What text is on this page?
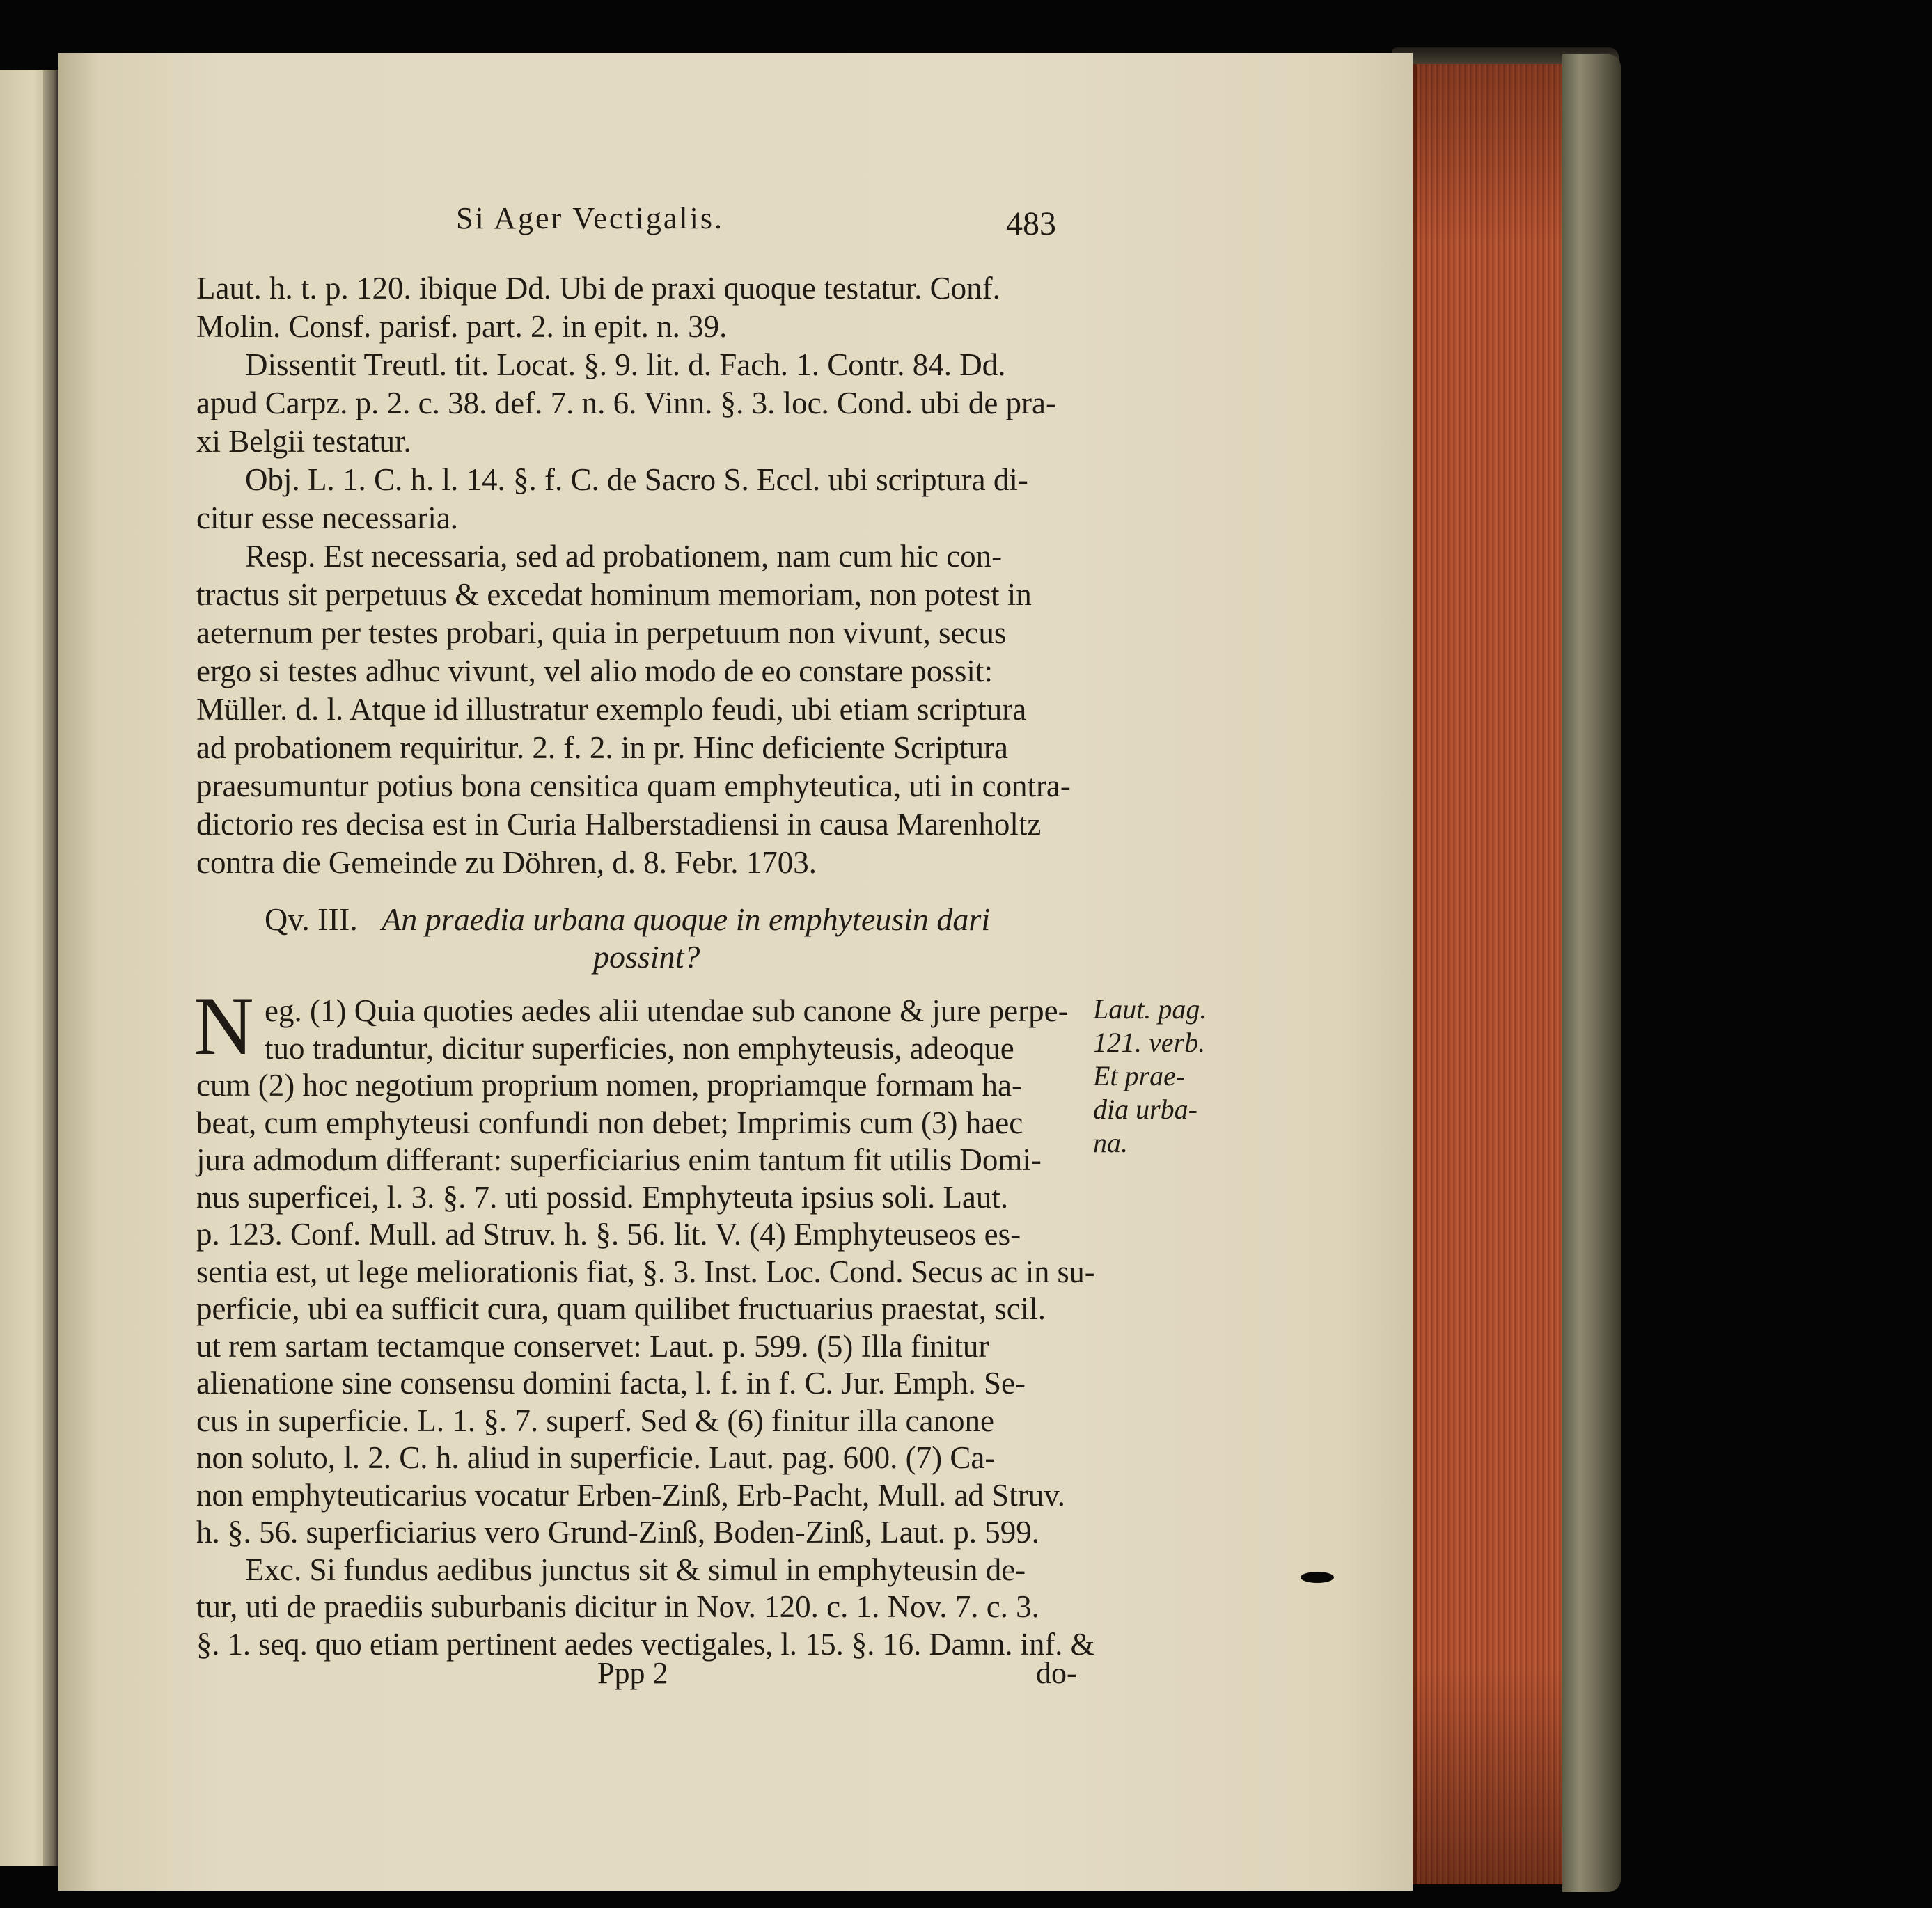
Si Ager Vectigalis.	483
Laut. h. t. p. 120. ibique Dd. Ubi de praxi quoque testatur. Conf.
Molin. Consf. parisf. part. 2. in epit. n. 39.
Dissentit Treutl. tit. Locat. §. 9. lit. d. Fach. 1. Contr. 84. Dd.
apud Carpz. p. 2. c. 38. def. 7. n. 6. Vinn. §. 3. loc. Cond. ubi de pra-
xi Belgii testatur.
Obj. L. 1. C. h. l. 14. §. f. C. de Sacro S. Eccl. ubi scriptura di-
citur esse necessaria.
Resp. Est necessaria, sed ad probationem, nam cum hic con-
tractus sit perpetuus & excedat hominum memoriam, non potest in
aeternum per testes probari, quia in perpetuum non vivunt, secus
ergo si testes adhuc vivunt, vel alio modo de eo constare possit:
Müller. d. l. Atque id illustratur exemplo feudi, ubi etiam scriptura
ad probationem requiritur. 2. f. 2. in pr. Hinc deficiente Scriptura
praesumuntur potius bona censitica quam emphyteutica, uti in contra-
dictorio res decisa est in Curia Halberstadiensi in causa Marenholtz
contra die Gemeinde zu Döhren, d. 8. Febr. 1703.
Qv. III. An praedia urbana quoque in emphyteusin dari
possint?
N eg. (1) Quia quoties aedes alii utendae sub canone & jure perpe-
tuo traduntur, dicitur superficies, non emphyteusis, adeoque
cum (2) hoc negotium proprium nomen, propriamque formam ha-
beat, cum emphyteusi confundi non debet; Imprimis cum (3) haec
jura admodum differant: superficiarius enim tantum fit utilis Domi-
nus superficei, l. 3. §. 7. uti possid. Emphyteuta ipsius soli. Laut.
p. 123. Conf. Mull. ad Struv. h. §. 56. lit. V. (4) Emphyteuseos es-
sentia est, ut lege meliorationis fiat, §. 3. Inst. Loc. Cond. Secus ac in su-
perficie, ubi ea sufficit cura, quam quilibet fructuarius praestat, scil.
ut rem sartam tectamque conservet: Laut. p. 599. (5) Illa finitur
alienatione sine consensu domini facta, l. f. in f. C. Jur. Emph. Se-
cus in superficie. L. 1. §. 7. superf. Sed & (6) finitur illa canone
non soluto, l. 2. C. h. aliud in superficie. Laut. pag. 600. (7) Ca-
non emphyteuticarius vocatur Erben-Zinß, Erb-Pacht, Mull. ad Struv.
h. §. 56. superficiarius vero Grund-Zinß, Boden-Zinß, Laut. p. 599.
Exc. Si fundus aedibus junctus sit & simul in emphyteusin de-
tur, uti de praediis suburbanis dicitur in Nov. 120. c. 1. Nov. 7. c. 3.
§. 1. seq. quo etiam pertinent aedes vectigales, l. 15. §. 16. Damn. inf. &
Laut. pag.
121. verb.
Et prae-
dia urba-
na.
Ppp 2	do-
